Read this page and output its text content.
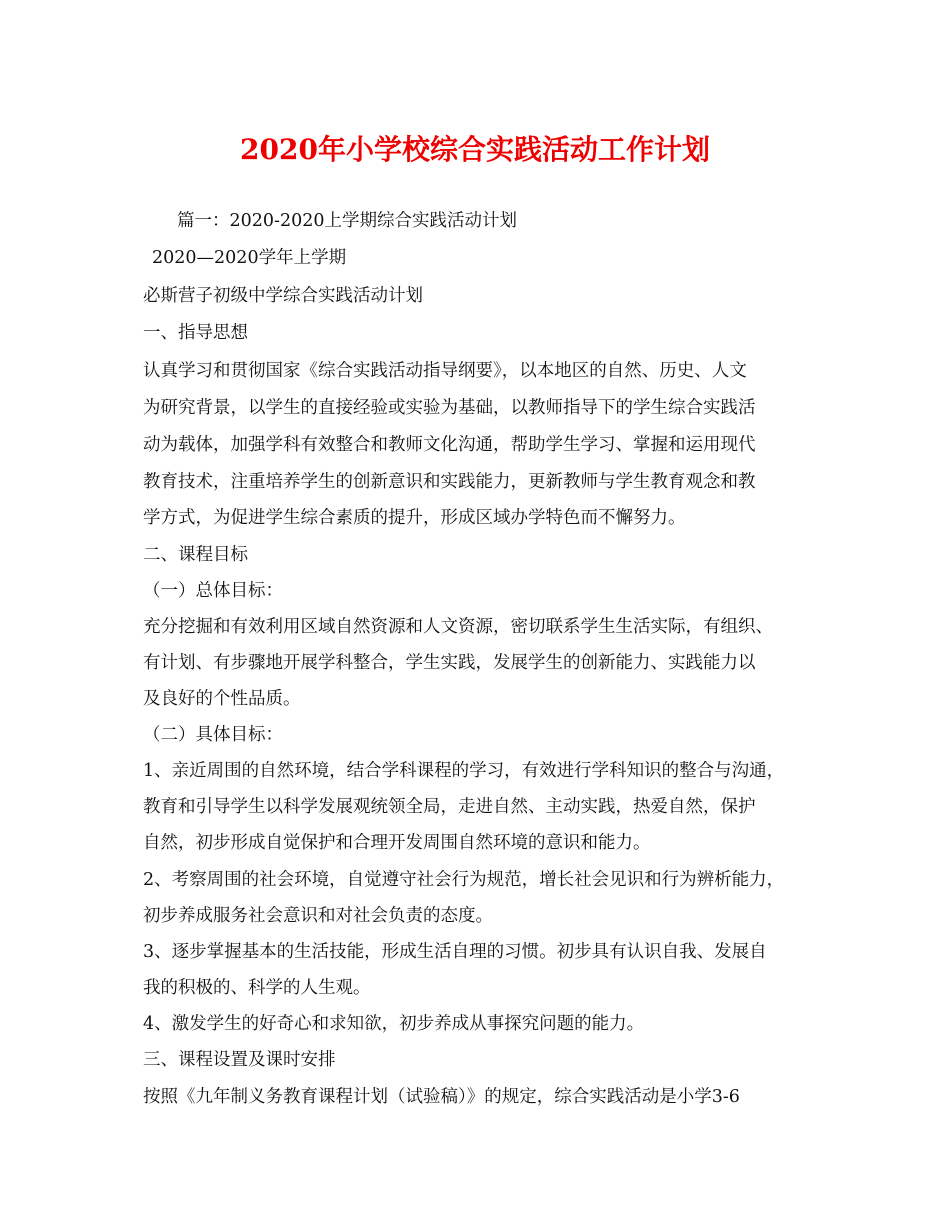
2020年小学校综合实践活动工作计划
篇一：2020-2020上学期综合实践活动计划
2020—2020学年上学期
必斯营子初级中学综合实践活动计划
一、指导思想
认真学习和贯彻国家《综合实践活动指导纲要》，以本地区的自然、历史、人文
为研究背景，以学生的直接经验或实验为基础，以教师指导下的学生综合实践活
动为载体，加强学科有效整合和教师文化沟通，帮助学生学习、掌握和运用现代
教育技术，注重培养学生的创新意识和实践能力，更新教师与学生教育观念和教
学方式，为促进学生综合素质的提升，形成区域办学特色而不懈努力。
二、课程目标
（一）总体目标：
充分挖掘和有效利用区域自然资源和人文资源，密切联系学生生活实际，有组织、
有计划、有步骤地开展学科整合，学生实践，发展学生的创新能力、实践能力以
及良好的个性品质。
（二）具体目标：
1、亲近周围的自然环境，结合学科课程的学习，有效进行学科知识的整合与沟通，
教育和引导学生以科学发展观统领全局，走进自然、主动实践，热爱自然，保护
自然，初步形成自觉保护和合理开发周围自然环境的意识和能力。
2、考察周围的社会环境，自觉遵守社会行为规范，增长社会见识和行为辨析能力，
初步养成服务社会意识和对社会负责的态度。
3、逐步掌握基本的生活技能，形成生活自理的习惯。初步具有认识自我、发展自
我的积极的、科学的人生观。
4、激发学生的好奇心和求知欲，初步养成从事探究问题的能力。
三、课程设置及课时安排
按照《九年制义务教育课程计划（试验稿）》的规定，综合实践活动是小学3-6
